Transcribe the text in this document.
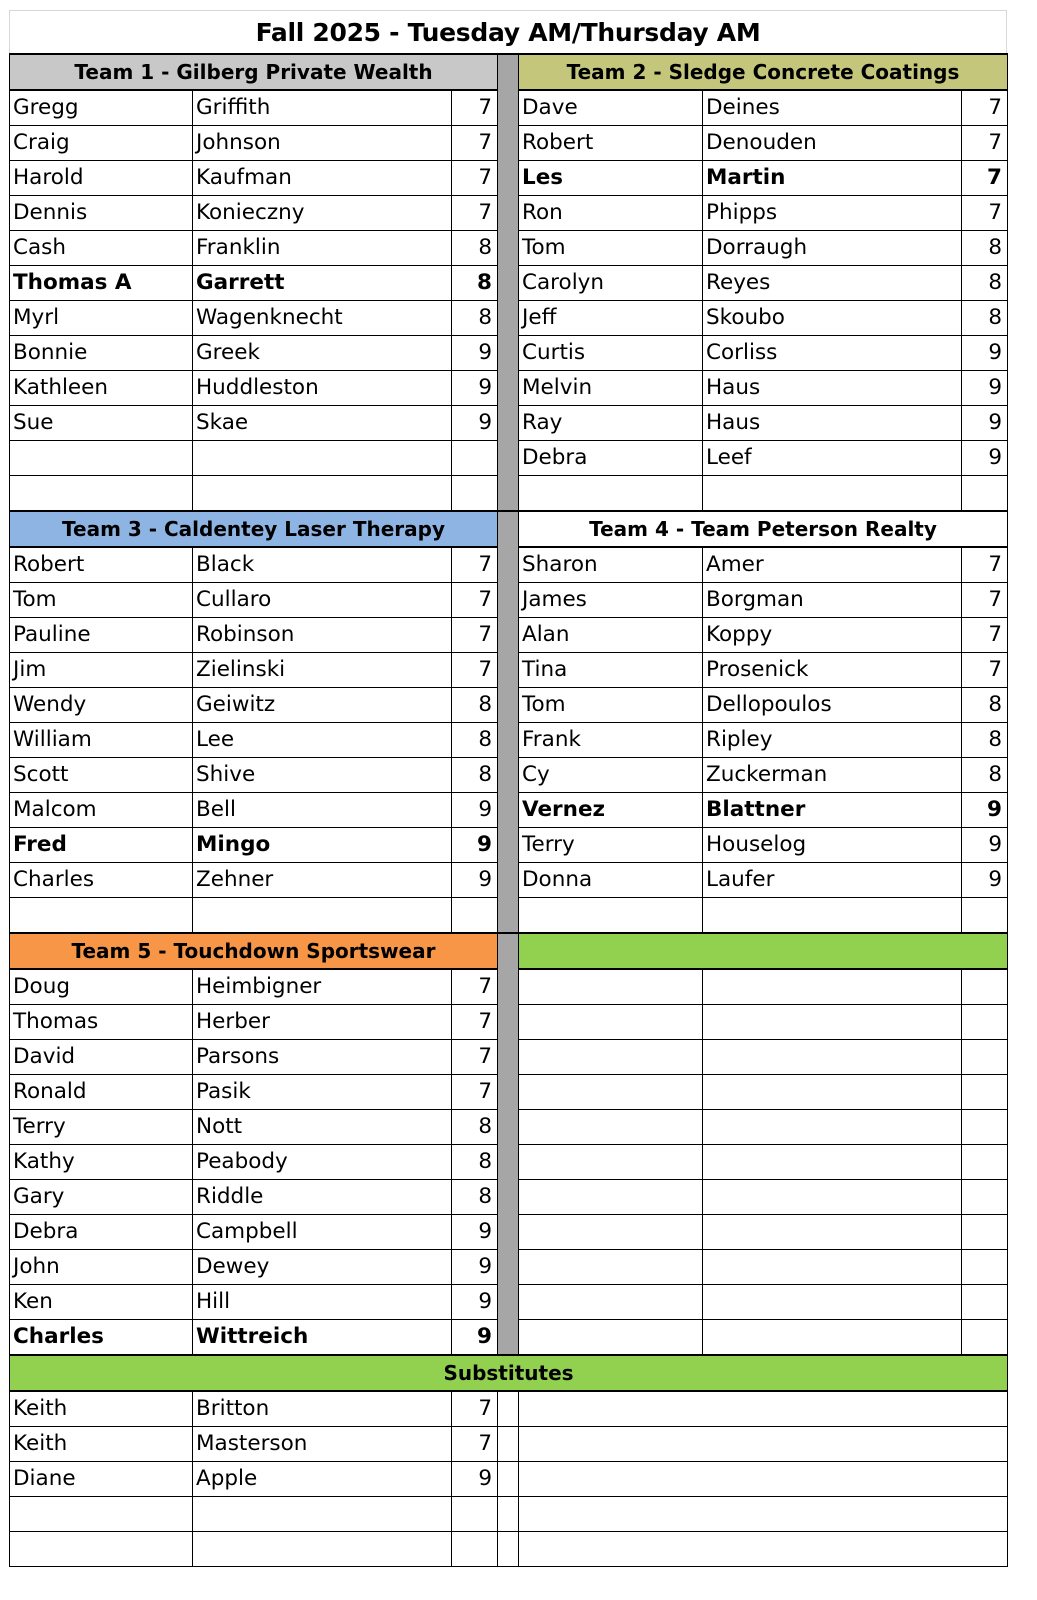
Fall 2025 - Tuesday AM/Thursday AM
Team 1 - Gilberg Private Wealth				Team 2 - Sledge Concrete Coatings		
Gregg	Griffith	7		Dave	Deines	7
Craig	Johnson	7		Robert	Denouden	7
Harold	Kaufman	7		Les	Martin	7
Dennis	Konieczny	7		Ron	Phipps	7
Cash	Franklin	8		Tom	Dorraugh	8
Thomas A	Garrett	8		Carolyn	Reyes	8
Myrl	Wagenknecht	8		Jeff	Skoubo	8
Bonnie	Greek	9		Curtis	Corliss	9
Kathleen	Huddleston	9		Melvin	Haus	9
Sue	Skae	9		Ray	Haus	9
				Debra	Leef	9

Team 3 - Caldentey Laser Therapy				Team 4 - Team Peterson Realty		
Robert	Black	7		Sharon	Amer	7
Tom	Cullaro	7		James	Borgman	7
Pauline	Robinson	7		Alan	Koppy	7
Jim	Zielinski	7		Tina	Prosenick	7
Wendy	Geiwitz	8		Tom	Dellopoulos	8
William	Lee	8		Frank	Ripley	8
Scott	Shive	8		Cy	Zuckerman	8
Malcom	Bell	9		Vernez	Blattner	9
Fred	Mingo	9		Terry	Houselog	9
Charles	Zehner	9		Donna	Laufer	9

Team 5 - Touchdown Sportswear						
Doug	Heimbigner	7				
Thomas	Herber	7				
David	Parsons	7				
Ronald	Pasik	7				
Terry	Nott	8				
Kathy	Peabody	8				
Gary	Riddle	8				
Debra	Campbell	9				
John	Dewey	9				
Ken	Hill	9				
Charles	Wittreich	9				
Substitutes						
Keith	Britton	7				
Keith	Masterson	7				
Diane	Apple	9				
